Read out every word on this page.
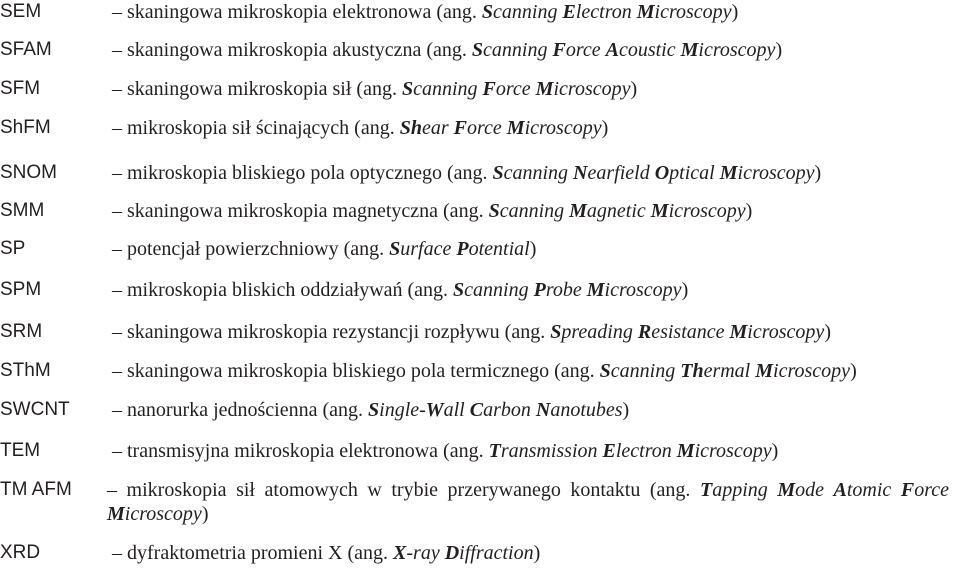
SEM	– skaningowa mikroskopia elektronowa (ang. Scanning Electron Microscopy)
SFAM	– skaningowa mikroskopia akustyczna (ang. Scanning Force Acoustic Microscopy)
SFM	– skaningowa mikroskopia sił (ang. Scanning Force Microscopy)
ShFM	– mikroskopia sił ścinających (ang. Shear Force Microscopy)
SNOM	– mikroskopia bliskiego pola optycznego (ang. Scanning Nearfield Optical Microscopy)
SMM	– skaningowa mikroskopia magnetyczna (ang. Scanning Magnetic Microscopy)
SP	– potencjał powierzchniowy (ang. Surface Potential)
SPM	– mikroskopia bliskich oddziaływań (ang. Scanning Probe Microscopy)
SRM	– skaningowa mikroskopia rezystancji rozpływu (ang. Spreading Resistance Microscopy)
SThM	– skaningowa mikroskopia bliskiego pola termicznego (ang. Scanning Thermal Microscopy)
SWCNT – nanorurka jednościenna (ang. Single-Wall Carbon Nanotubes)
TEM	– transmisyjna mikroskopia elektronowa (ang. Transmission Electron Microscopy)
TM AFM – mikroskopia sił atomowych w trybie przerywanego kontaktu (ang. Tapping Mode Atomic Force Microscopy)
XRD	– dyfraktometria promieni X (ang. X-ray Diffraction)
